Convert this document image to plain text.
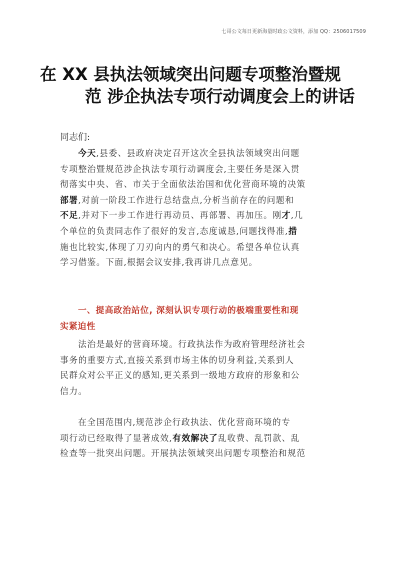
七哥公文每日更新海量时政公文资料，添加 QQ：2506017509
在 XX 县执法领域突出问题专项整治暨规
范 涉企执法专项行动调度会上的讲话
同志们:
今天,县委、县政府决定召开这次全县执法领域突出问题
专项整治暨规范涉企执法专项行动调度会,主要任务是深入贯
彻落实中央、省、市关于全面依法治国和优化营商环境的决策
部署,对前一阶段工作进行总结盘点,分析当前存在的问题和
不足,并对下一步工作进行再动员、再部署、再加压。刚才,几
个单位的负责同志作了很好的发言,态度诚恳,问题找得准,措
施也比较实,体现了刀刃向内的勇气和决心。希望各单位认真
学习借鉴。下面,根据会议安排,我再讲几点意见。
一、提高政治站位, 深刻认识专项行动的极端重要性和现
实紧迫性
法治是最好的营商环境。行政执法作为政府管理经济社会
事务的重要方式,直接关系到市场主体的切身利益,关系到人
民群众对公平正义的感知,更关系到一级地方政府的形象和公
信力。
在全国范围内,规范涉企行政执法、优化营商环境的专
项行动已经取得了显著成效,有效解决了乱收费、乱罚款、乱
检查等一批突出问题。开展执法领域突出问题专项整治和规范
